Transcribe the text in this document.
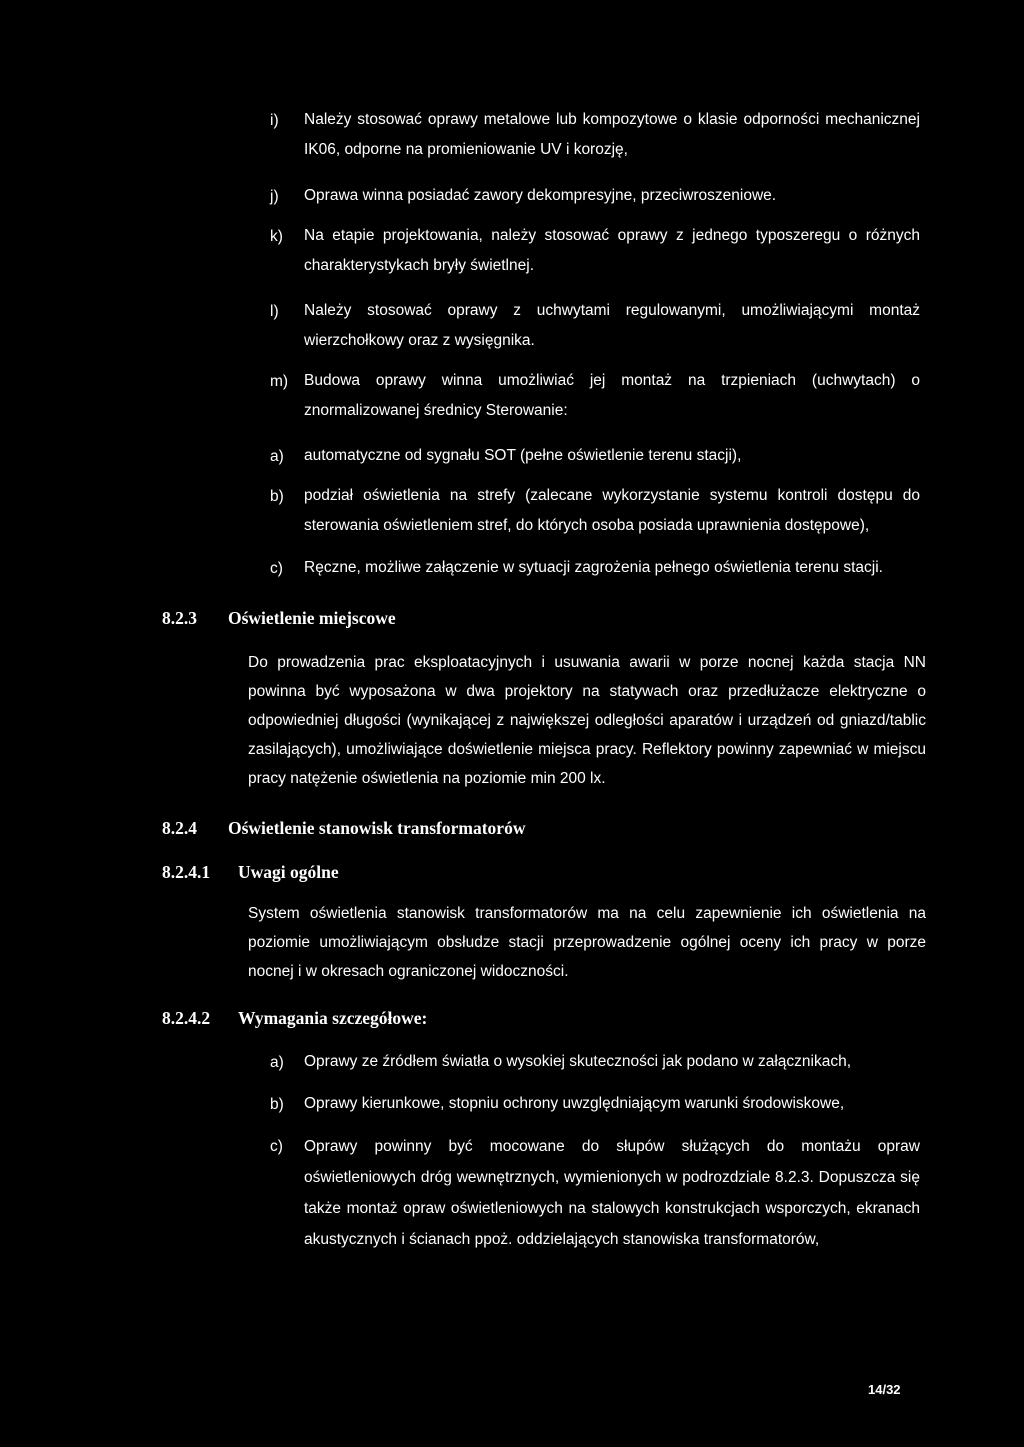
i)	Należy stosować oprawy metalowe lub kompozytowe o klasie odporności mechanicznej IK06, odporne na promieniowanie UV i korozję,
j)	Oprawa winna posiadać zawory dekompresyjne, przeciwroszeniowe.
k)	Na etapie projektowania, należy stosować oprawy z jednego typoszeregu o różnych charakterystykach bryły świetlnej.
l)	Należy stosować oprawy z uchwytami regulowanymi, umożliwiającymi montaż wierzchołkowy oraz z wysięgnika.
m)	Budowa oprawy winna umożliwiać jej montaż na trzpieniach (uchwytach) o znormalizowanej średnicy Sterowanie:
a)	automatyczne od sygnału SOT (pełne oświetlenie terenu stacji),
b)	podział oświetlenia na strefy (zalecane wykorzystanie systemu kontroli dostępu do sterowania oświetleniem stref, do których osoba posiada uprawnienia dostępowe),
c)	Ręczne, możliwe załączenie w sytuacji zagrożenia pełnego oświetlenia terenu stacji.
8.2.3 Oświetlenie miejscowe
Do prowadzenia prac eksploatacyjnych i usuwania awarii w porze nocnej każda stacja NN powinna być wyposażona w dwa projektory na statywach oraz przedłużacze elektryczne o odpowiedniej długości (wynikającej z największej odległości aparatów i urządzeń od gniazd/tablic zasilających), umożliwiające doświetlenie miejsca pracy. Reflektory powinny zapewniać w miejscu pracy natężenie oświetlenia na poziomie min 200 lx.
8.2.4 Oświetlenie stanowisk transformatorów
8.2.4.1 Uwagi ogólne
System oświetlenia stanowisk transformatorów ma na celu zapewnienie ich oświetlenia na poziomie umożliwiającym obsłudze stacji przeprowadzenie ogólnej oceny ich pracy w porze nocnej i w okresach ograniczonej widoczności.
8.2.4.2 Wymagania szczegółowe:
a)	Oprawy ze źródłem światła o wysokiej skuteczności jak podano w załącznikach,
b)	Oprawy kierunkowe, stopniu ochrony uwzględniającym warunki środowiskowe,
c)	Oprawy powinny być mocowane do słupów służących do montażu opraw oświetleniowych dróg wewnętrznych, wymienionych w podrozdziale 8.2.3. Dopuszcza się także montaż opraw oświetleniowych na stalowych konstrukcjach wsporczych, ekranach akustycznych i ścianach ppoż. oddzielających stanowiska transformatorów,
14/32
